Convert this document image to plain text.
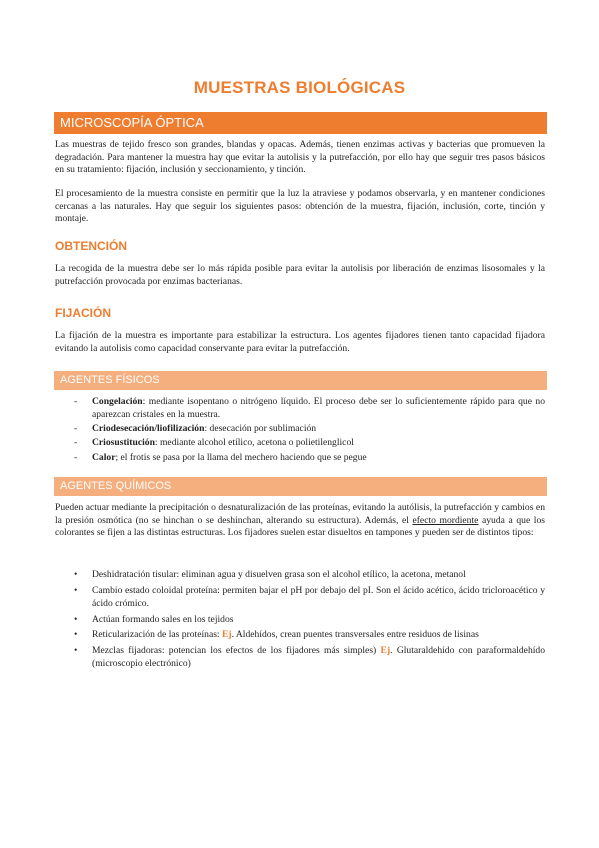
MUESTRAS BIOLÓGICAS
MICROSCOPÍA ÓPTICA

Las muestras de tejido fresco son grandes, blandas y opacas. Además, tienen enzimas activas y bacterias que promueven la degradación. Para mantener la muestra hay que evitar la autolisis y la putrefacción, por ello hay que seguir tres pasos básicos en su tratamiento: fijación, inclusión y seccionamiento, y tinción.

El procesamiento de la muestra consiste en permitir que la luz la atraviese y podamos observarla, y en mantener condiciones cercanas a las naturales. Hay que seguir los siguientes pasos: obtención de la muestra, fijación, inclusión, corte, tinción y montaje.

OBTENCIÓN

La recogida de la muestra debe ser lo más rápida posible para evitar la autolisis por liberación de enzimas lisosomales y la putrefacción provocada por enzimas bacterianas.

FIJACIÓN

La fijación de la muestra es importante para estabilizar la estructura. Los agentes fijadores tienen tanto capacidad fijadora evitando la autolisis como capacidad conservante para evitar la putrefacción.

AGENTES FÍSICOS
- Congelación: mediante isopentano o nitrógeno líquido. El proceso debe ser lo suficientemente rápido para que no aparezcan cristales en la muestra.

- Criodesecación/liofilización: desecación por sublimación

- Criosustitución: mediante alcohol etílico, acetona o polietilenglicol

- Calor; el frotis se pasa por la llama del mechero haciendo que se pegue

AGENTES QUÍMICOS

Pueden actuar mediante la precipitación o desnaturalización de las proteínas, evitando la autólisis, la putrefacción y cambios en la presión osmótica (no se hinchan o se deshinchan, alterando su estructura). Además, el efecto mordiente ayuda a que los colorantes se fijen a las distintas estructuras. Los fijadores suelen estar disueltos en tampones y pueden ser de distintos tipos:

• Deshidratación tisular: eliminan agua y disuelven grasa son el alcohol etílico, la acetona, metanol

• Cambio estado coloidal proteína: permiten bajar el pH por debajo del pI. Son el ácido acético, ácido tricloroacético y ácido crómico.

• Actúan formando sales en los tejidos

• Reticularización de las proteínas: Ej. Aldehídos, crean puentes transversales entre residuos de lisinas

• Mezclas fijadoras: potencian los efectos de los fijadores más simples) Ej. Glutaraldehído con paraformaldehído (microscopio electrónico)
